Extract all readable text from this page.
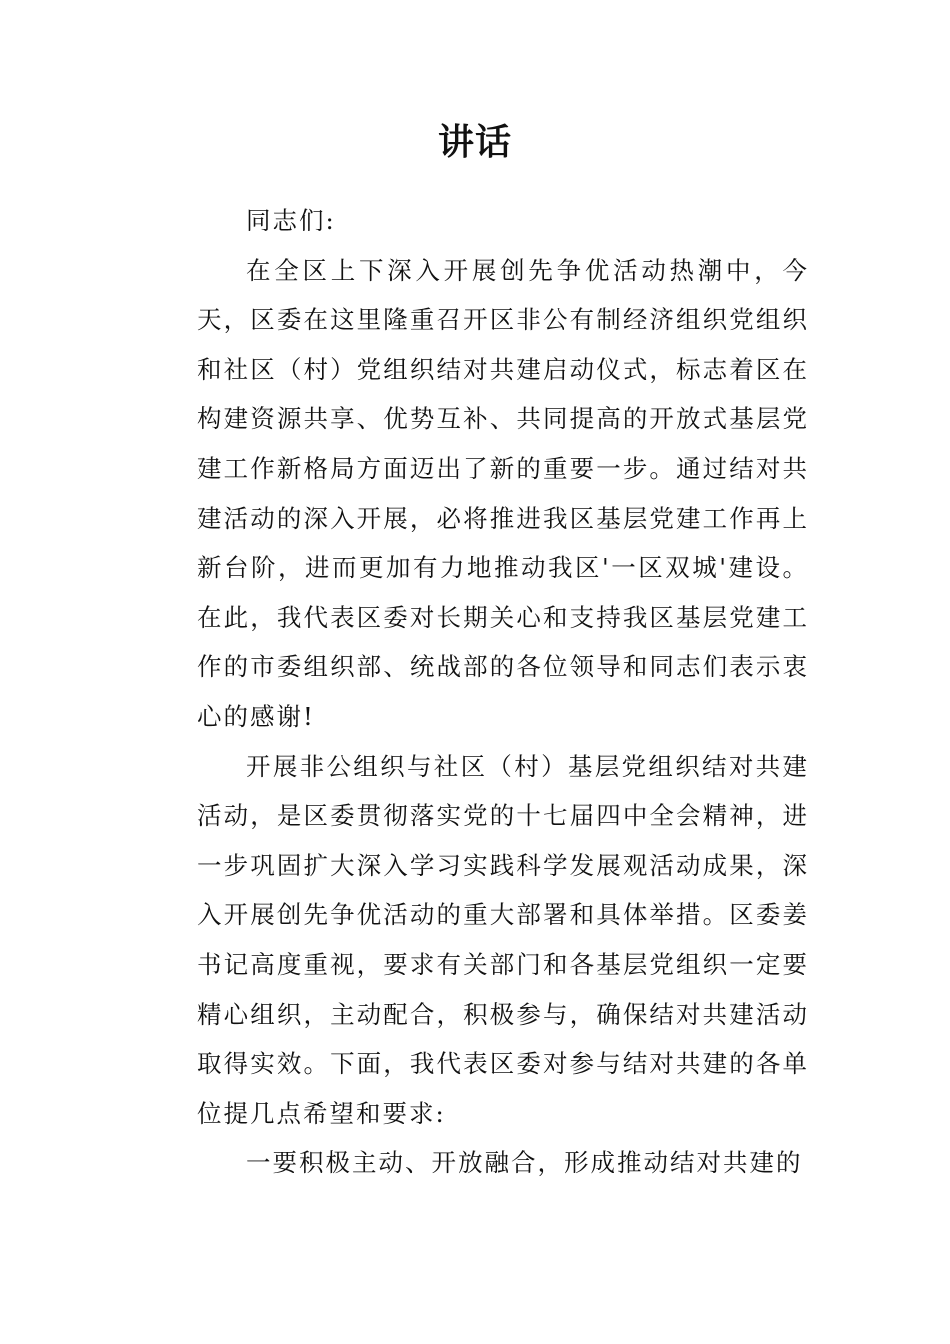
讲话

同志们:

在全区上下深入开展创先争优活动热潮中，今天，区委在这里隆重召开区非公有制经济组织党组织和社区（村）党组织结对共建启动仪式，标志着区在构建资源共享、优势互补、共同提高的开放式基层党建工作新格局方面迈出了新的重要一步。通过结对共建活动的深入开展，必将推进我区基层党建工作再上新台阶，进而更加有力地推动我区'一区双城'建设。在此，我代表区委对长期关心和支持我区基层党建工作的市委组织部、统战部的各位领导和同志们表示衷心的感谢!

开展非公组织与社区（村）基层党组织结对共建活动，是区委贯彻落实党的十七届四中全会精神，进一步巩固扩大深入学习实践科学发展观活动成果，深入开展创先争优活动的重大部署和具体举措。区委姜书记高度重视，要求有关部门和各基层党组织一定要精心组织，主动配合，积极参与，确保结对共建活动取得实效。下面，我代表区委对参与结对共建的各单位提几点希望和要求:

一要积极主动、开放融合，形成推动结对共建的
